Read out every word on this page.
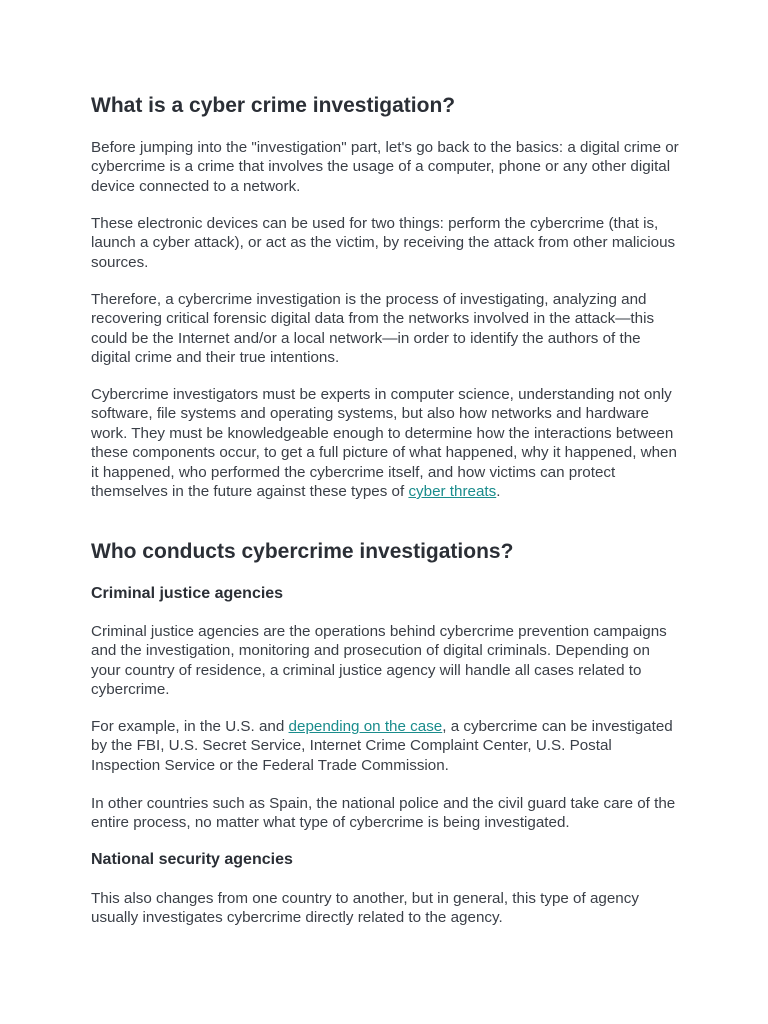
What is a cyber crime investigation?

Before jumping into the "investigation" part, let's go back to the basics: a digital crime or cybercrime is a crime that involves the usage of a computer, phone or any other digital device connected to a network.

These electronic devices can be used for two things: perform the cybercrime (that is, launch a cyber attack), or act as the victim, by receiving the attack from other malicious sources.

Therefore, a cybercrime investigation is the process of investigating, analyzing and recovering critical forensic digital data from the networks involved in the attack—this could be the Internet and/or a local network—in order to identify the authors of the digital crime and their true intentions.

Cybercrime investigators must be experts in computer science, understanding not only software, file systems and operating systems, but also how networks and hardware work. They must be knowledgeable enough to determine how the interactions between these components occur, to get a full picture of what happened, why it happened, when it happened, who performed the cybercrime itself, and how victims can protect themselves in the future against these types of cyber threats.

Who conducts cybercrime investigations?
Criminal justice agencies

Criminal justice agencies are the operations behind cybercrime prevention campaigns and the investigation, monitoring and prosecution of digital criminals. Depending on your country of residence, a criminal justice agency will handle all cases related to cybercrime.

For example, in the U.S. and depending on the case, a cybercrime can be investigated by the FBI, U.S. Secret Service, Internet Crime Complaint Center, U.S. Postal Inspection Service or the Federal Trade Commission.

In other countries such as Spain, the national police and the civil guard take care of the entire process, no matter what type of cybercrime is being investigated.

National security agencies

This also changes from one country to another, but in general, this type of agency usually investigates cybercrime directly related to the agency.
